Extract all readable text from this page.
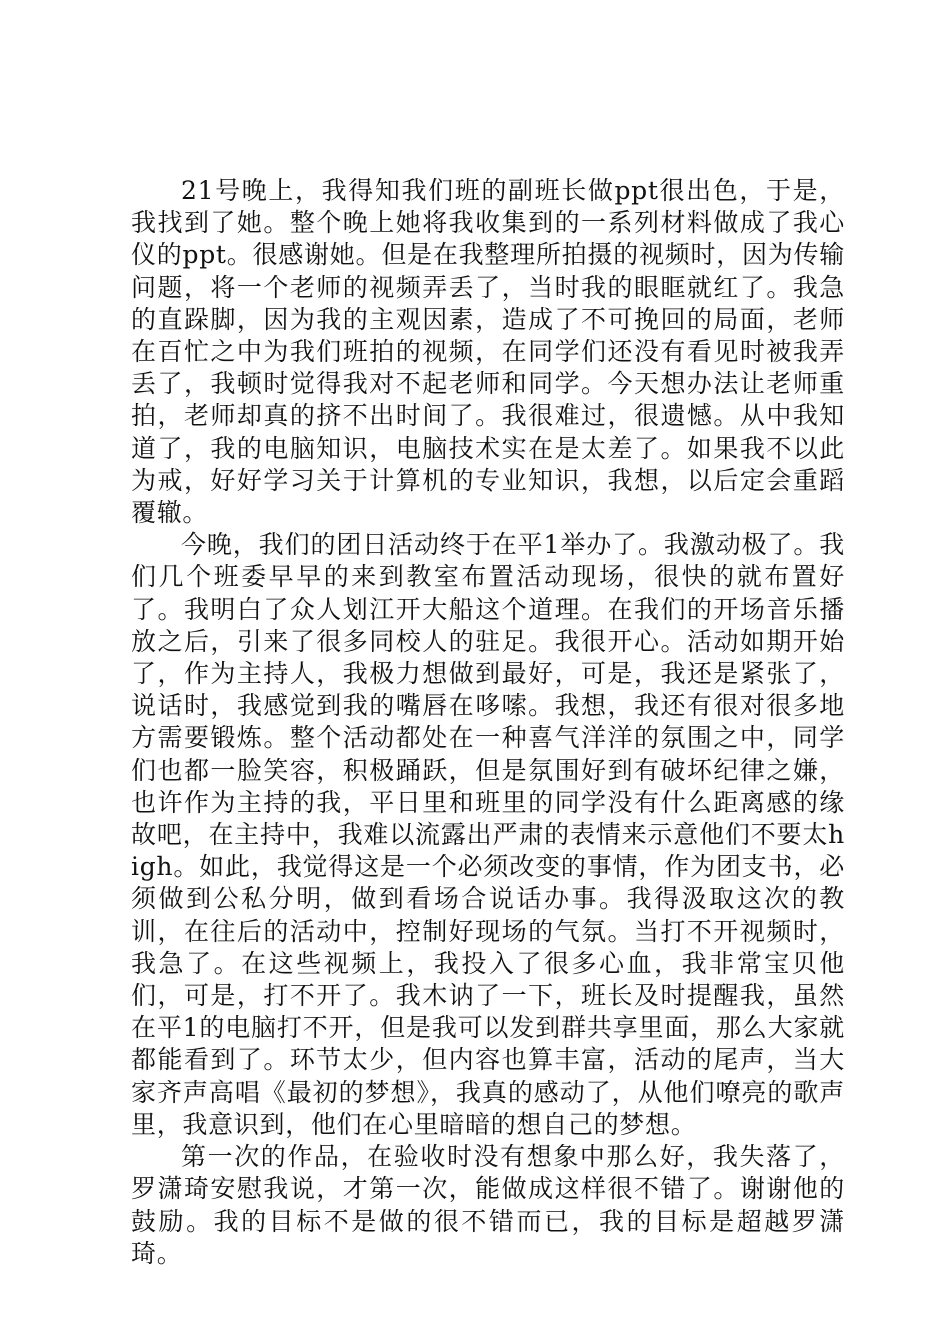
21号晚上，我得知我们班的副班长做ppt很出色，于是，我找到了她。整个晚上她将我收集到的一系列材料做成了我心仪的ppt。很感谢她。但是在我整理所拍摄的视频时，因为传输问题，将一个老师的视频弄丢了，当时我的眼眶就红了。我急的直跺脚，因为我的主观因素，造成了不可挽回的局面，老师在百忙之中为我们班拍的视频，在同学们还没有看见时被我弄丢了，我顿时觉得我对不起老师和同学。今天想办法让老师重拍，老师却真的挤不出时间了。我很难过，很遗憾。从中我知道了，我的电脑知识，电脑技术实在是太差了。如果我不以此为戒，好好学习关于计算机的专业知识，我想，以后定会重蹈覆辙。

今晚，我们的团日活动终于在平1举办了。我激动极了。我们几个班委早早的来到教室布置活动现场，很快的就布置好了。我明白了众人划江开大船这个道理。在我们的开场音乐播放之后，引来了很多同校人的驻足。我很开心。活动如期开始了，作为主持人，我极力想做到最好，可是，我还是紧张了，说话时，我感觉到我的嘴唇在哆嗦。我想，我还有很对很多地方需要锻炼。整个活动都处在一种喜气洋洋的氛围之中，同学们也都一脸笑容，积极踊跃，但是氛围好到有破坏纪律之嫌，也许作为主持的我，平日里和班里的同学没有什么距离感的缘故吧，在主持中，我难以流露出严肃的表情来示意他们不要太high。如此，我觉得这是一个必须改变的事情，作为团支书，必须做到公私分明，做到看场合说话办事。我得汲取这次的教训，在往后的活动中，控制好现场的气氛。当打不开视频时，我急了。在这些视频上，我投入了很多心血，我非常宝贝他们，可是，打不开了。我木讷了一下，班长及时提醒我，虽然在平1的电脑打不开，但是我可以发到群共享里面，那么大家就都能看到了。环节太少，但内容也算丰富，活动的尾声，当大家齐声高唱《最初的梦想》，我真的感动了，从他们嘹亮的歌声里，我意识到，他们在心里暗暗的想自己的梦想。

第一次的作品，在验收时没有想象中那么好，我失落了，罗潇琦安慰我说，才第一次，能做成这样很不错了。谢谢他的鼓励。我的目标不是做的很不错而已，我的目标是超越罗潇琦。
